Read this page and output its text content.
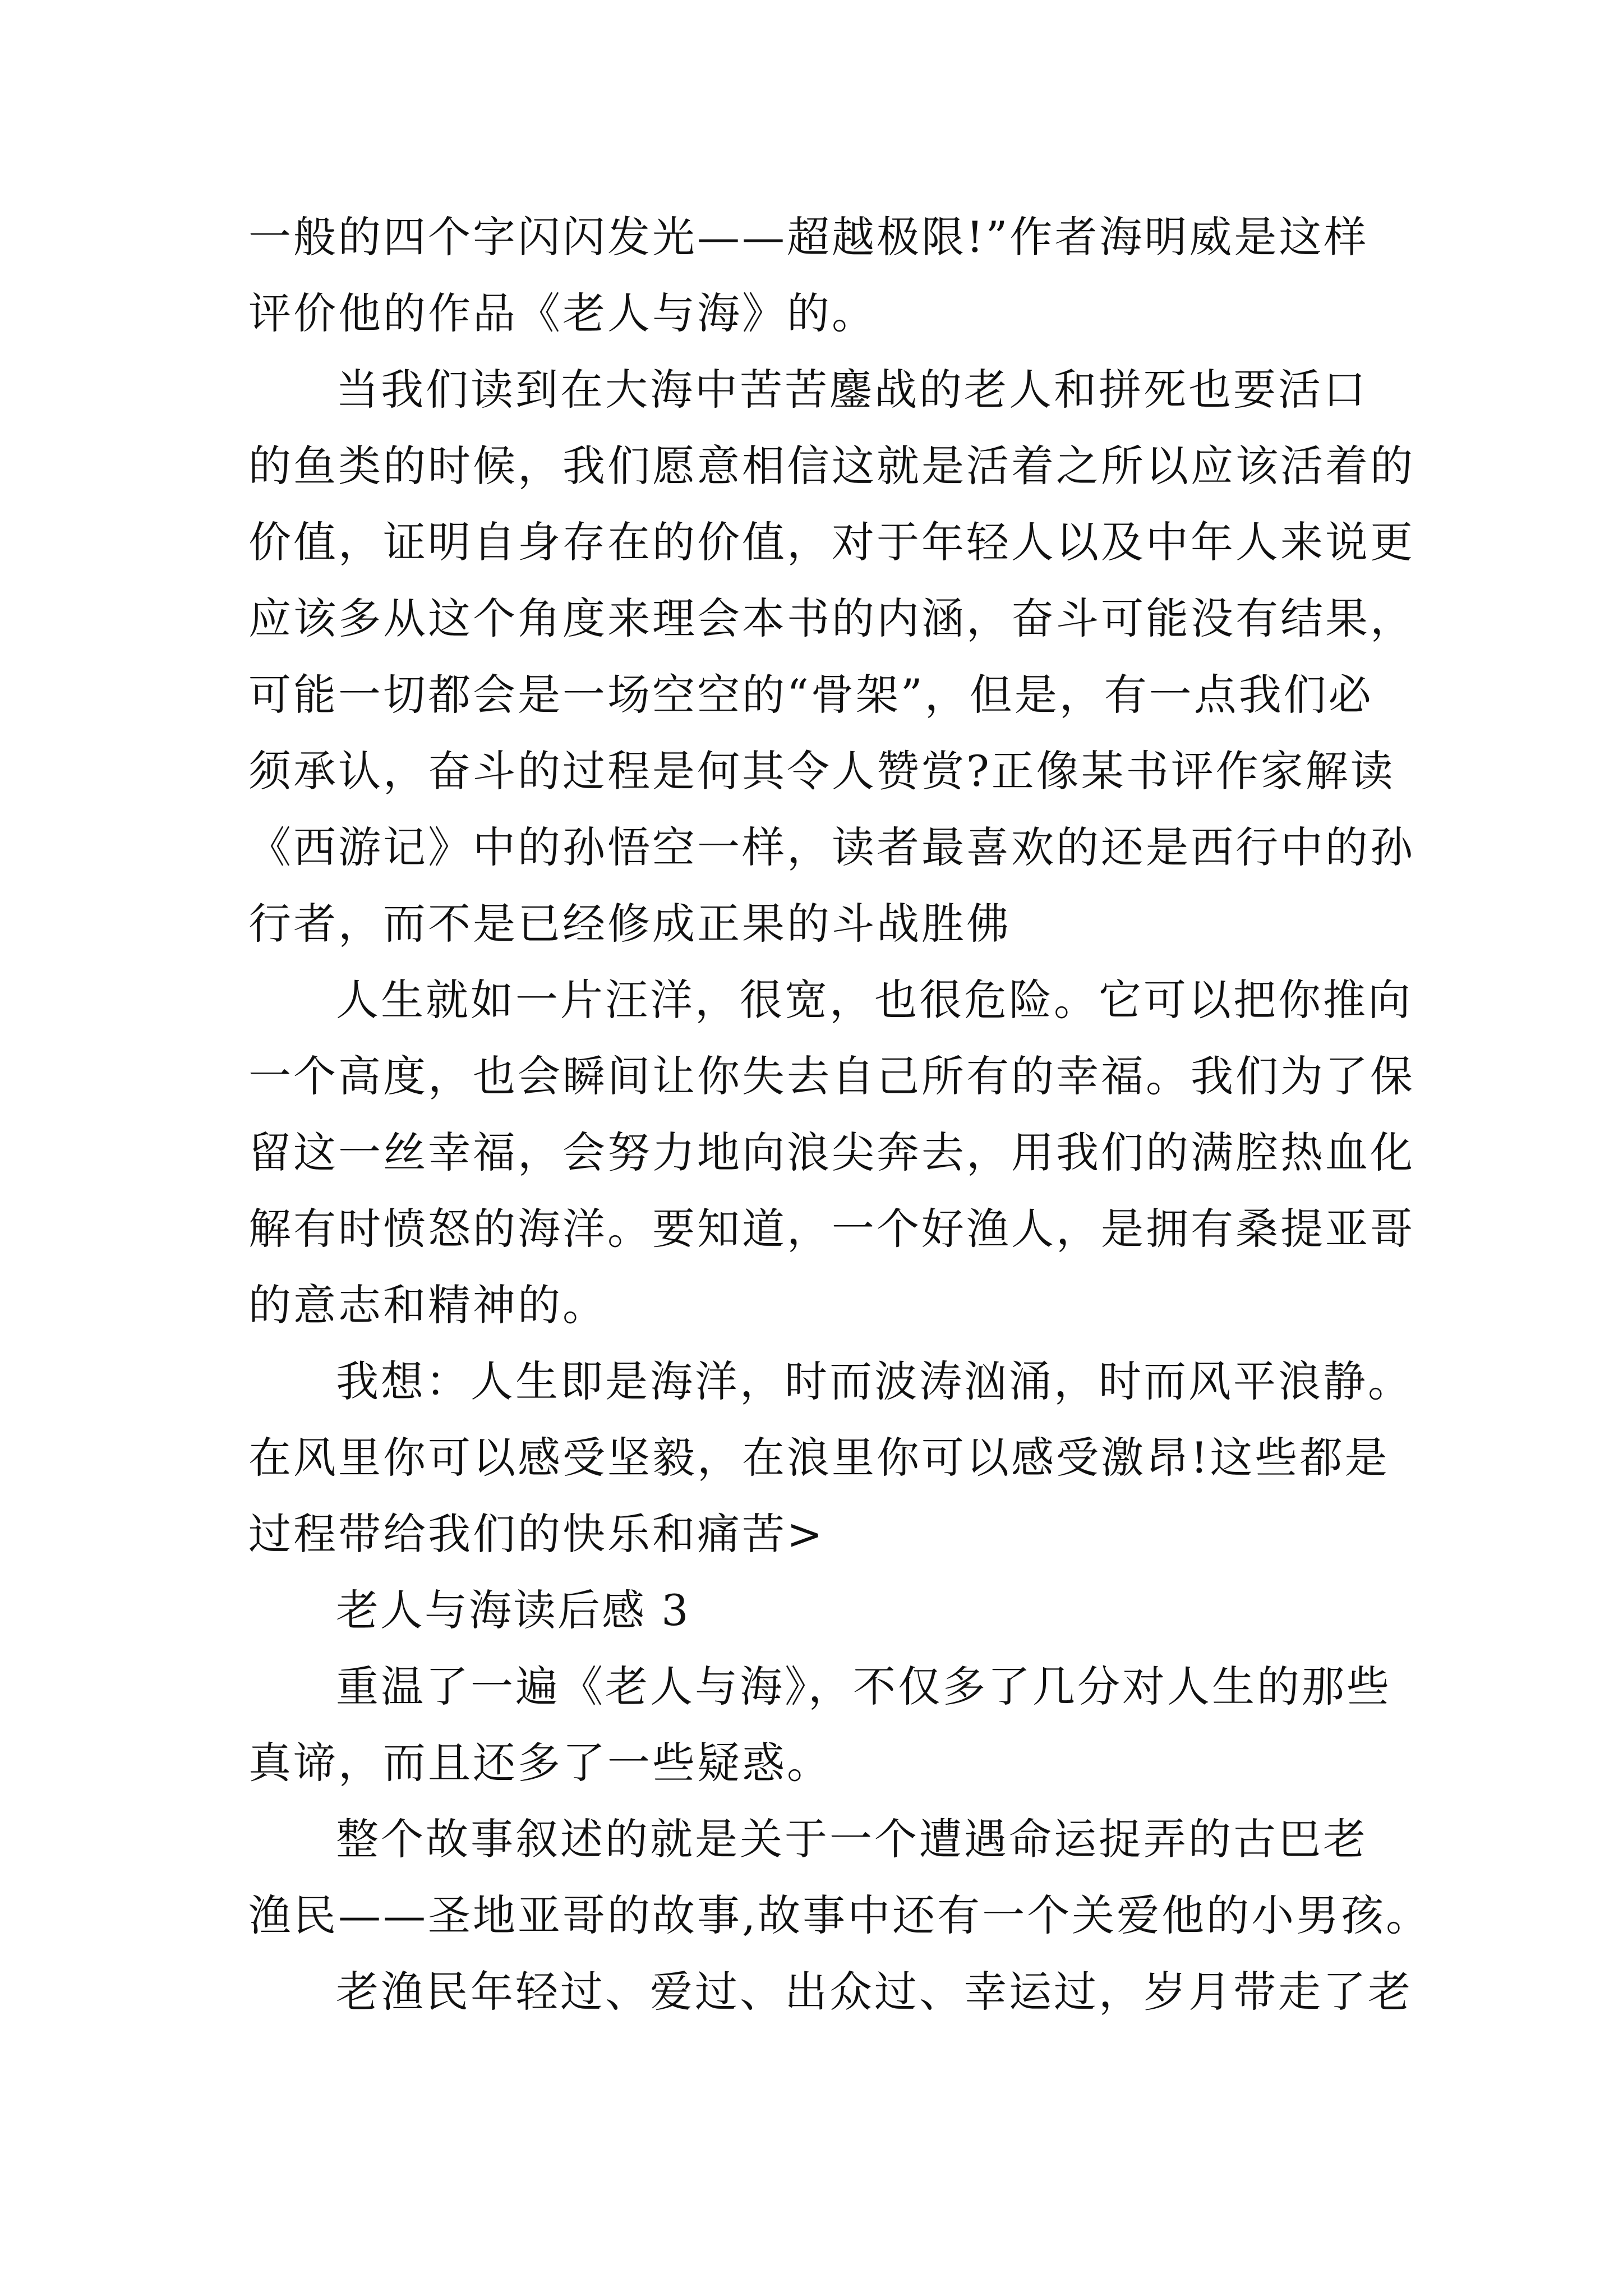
一般的四个字闪闪发光——超越极限!”作者海明威是这样
评价他的作品《老人与海》的。
当我们读到在大海中苦苦鏖战的老人和拼死也要活口
的鱼类的时候，我们愿意相信这就是活着之所以应该活着的
价值，证明自身存在的价值，对于年轻人以及中年人来说更
应该多从这个角度来理会本书的内涵，奋斗可能没有结果，
可能一切都会是一场空空的“骨架”，但是，有一点我们必
须承认，奋斗的过程是何其令人赞赏?正像某书评作家解读
《西游记》中的孙悟空一样，读者最喜欢的还是西行中的孙
行者，而不是已经修成正果的斗战胜佛
人生就如一片汪洋，很宽，也很危险。它可以把你推向
一个高度，也会瞬间让你失去自己所有的幸福。我们为了保
留这一丝幸福，会努力地向浪尖奔去，用我们的满腔热血化
解有时愤怒的海洋。要知道，一个好渔人，是拥有桑提亚哥
的意志和精神的。
我想：人生即是海洋，时而波涛汹涌，时而风平浪静。
在风里你可以感受坚毅，在浪里你可以感受激昂!这些都是
过程带给我们的快乐和痛苦>
老人与海读后感 3
重温了一遍《老人与海》，不仅多了几分对人生的那些
真谛，而且还多了一些疑惑。
整个故事叙述的就是关于一个遭遇命运捉弄的古巴老
渔民——圣地亚哥的故事,故事中还有一个关爱他的小男孩。
老渔民年轻过、爱过、出众过、幸运过，岁月带走了老
